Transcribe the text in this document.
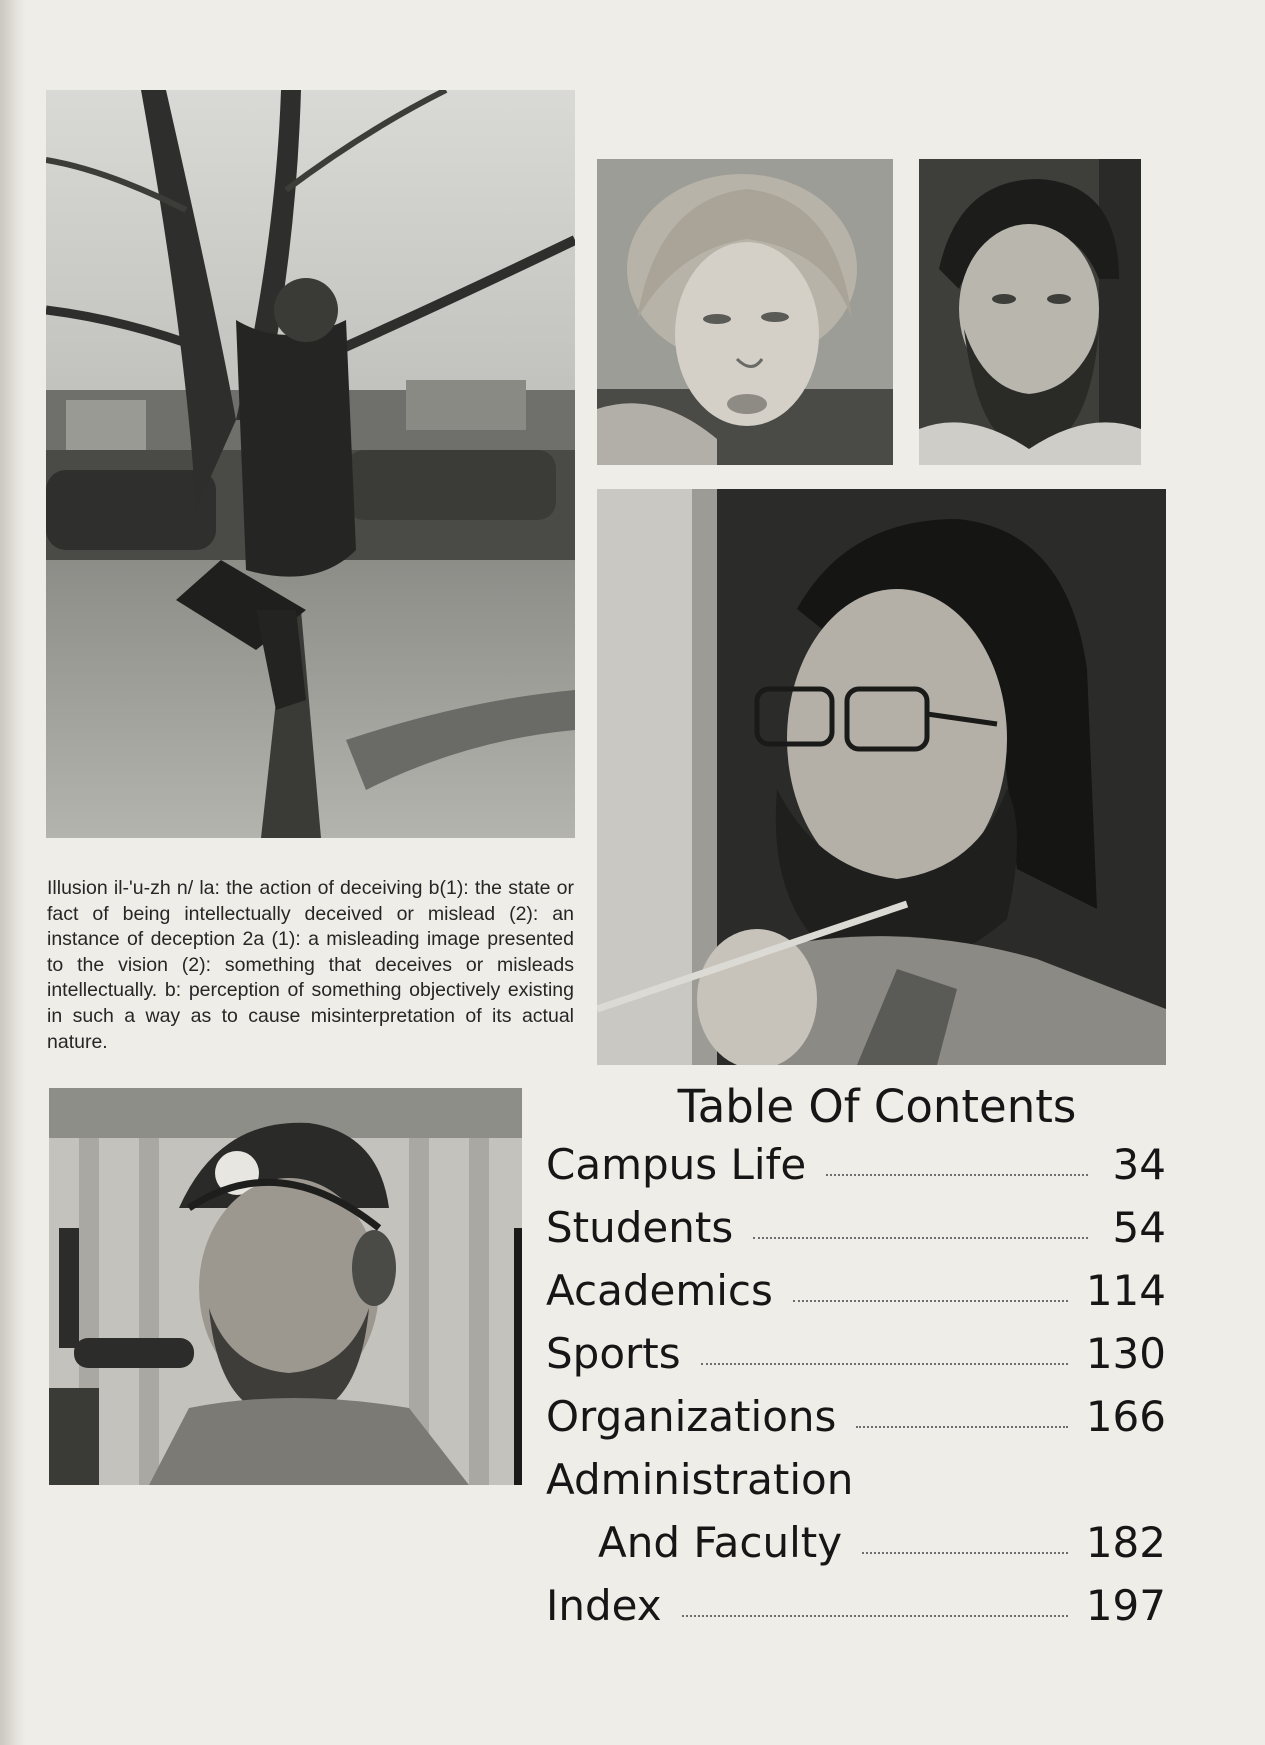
Illusion il-'u-zh n/ la: the action of deceiving b(1): the state or fact of being intellectually deceived or mislead (2): an instance of deception 2a (1): a misleading image presented to the vision (2): something that deceives or misleads intellectually. b: perception of something objectively existing in such a way as to cause misinterpretation of its actual nature.
Table Of Contents
Campus Life	34
Students	54
Academics	114
Sports	130
Organizations	166
Administration
And Faculty	182
Index	197
